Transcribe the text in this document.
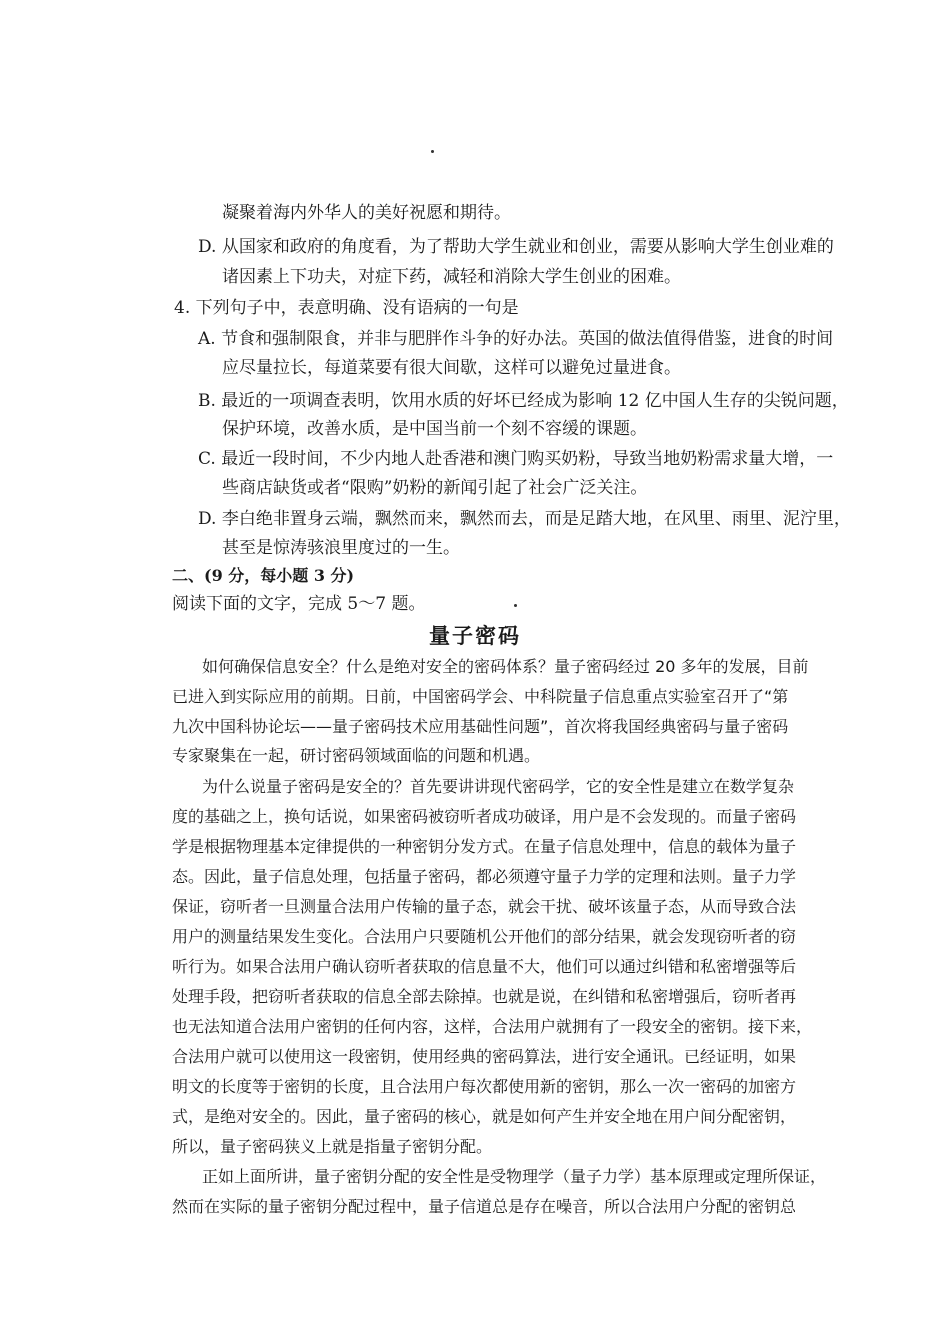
凝聚着海内外华人的美好祝愿和期待。
D. 从国家和政府的角度看，为了帮助大学生就业和创业，需要从影响大学生创业难的
诸因素上下功夫，对症下药，减轻和消除大学生创业的困难。
4. 下列句子中，表意明确、没有语病的一句是
A. 节食和强制限食，并非与肥胖作斗争的好办法。英国的做法值得借鉴，进食的时间
应尽量拉长，每道菜要有很大间歇，这样可以避免过量进食。
B. 最近的一项调查表明，饮用水质的好坏已经成为影响 12 亿中国人生存的尖锐问题，
保护环境，改善水质，是中国当前一个刻不容缓的课题。
C. 最近一段时间，不少内地人赴香港和澳门购买奶粉，导致当地奶粉需求量大增，一
些商店缺货或者“限购”奶粉的新闻引起了社会广泛关注。
D. 李白绝非置身云端，飘然而来，飘然而去，而是足踏大地，在风里、雨里、泥泞里，
甚至是惊涛骇浪里度过的一生。
二、(9 分，每小题 3 分)
阅读下面的文字，完成 5～7 题。
量子密码
如何确保信息安全？什么是绝对安全的密码体系？量子密码经过 20 多年的发展，目前
已进入到实际应用的前期。日前，中国密码学会、中科院量子信息重点实验室召开了“第
九次中国科协论坛——量子密码技术应用基础性问题”，首次将我国经典密码与量子密码
专家聚集在一起，研讨密码领域面临的问题和机遇。
为什么说量子密码是安全的？首先要讲讲现代密码学，它的安全性是建立在数学复杂
度的基础之上，换句话说，如果密码被窃听者成功破译，用户是不会发现的。而量子密码
学是根据物理基本定律提供的一种密钥分发方式。在量子信息处理中，信息的载体为量子
态。因此，量子信息处理，包括量子密码，都必须遵守量子力学的定理和法则。量子力学
保证，窃听者一旦测量合法用户传输的量子态，就会干扰、破坏该量子态，从而导致合法
用户的测量结果发生变化。合法用户只要随机公开他们的部分结果，就会发现窃听者的窃
听行为。如果合法用户确认窃听者获取的信息量不大，他们可以通过纠错和私密增强等后
处理手段，把窃听者获取的信息全部去除掉。也就是说，在纠错和私密增强后，窃听者再
也无法知道合法用户密钥的任何内容，这样，合法用户就拥有了一段安全的密钥。接下来，
合法用户就可以使用这一段密钥，使用经典的密码算法，进行安全通讯。已经证明，如果
明文的长度等于密钥的长度，且合法用户每次都使用新的密钥，那么一次一密码的加密方
式，是绝对安全的。因此，量子密码的核心，就是如何产生并安全地在用户间分配密钥，
所以，量子密码狭义上就是指量子密钥分配。
正如上面所讲，量子密钥分配的安全性是受物理学（量子力学）基本原理或定理所保证，
然而在实际的量子密钥分配过程中，量子信道总是存在噪音，所以合法用户分配的密钥总
